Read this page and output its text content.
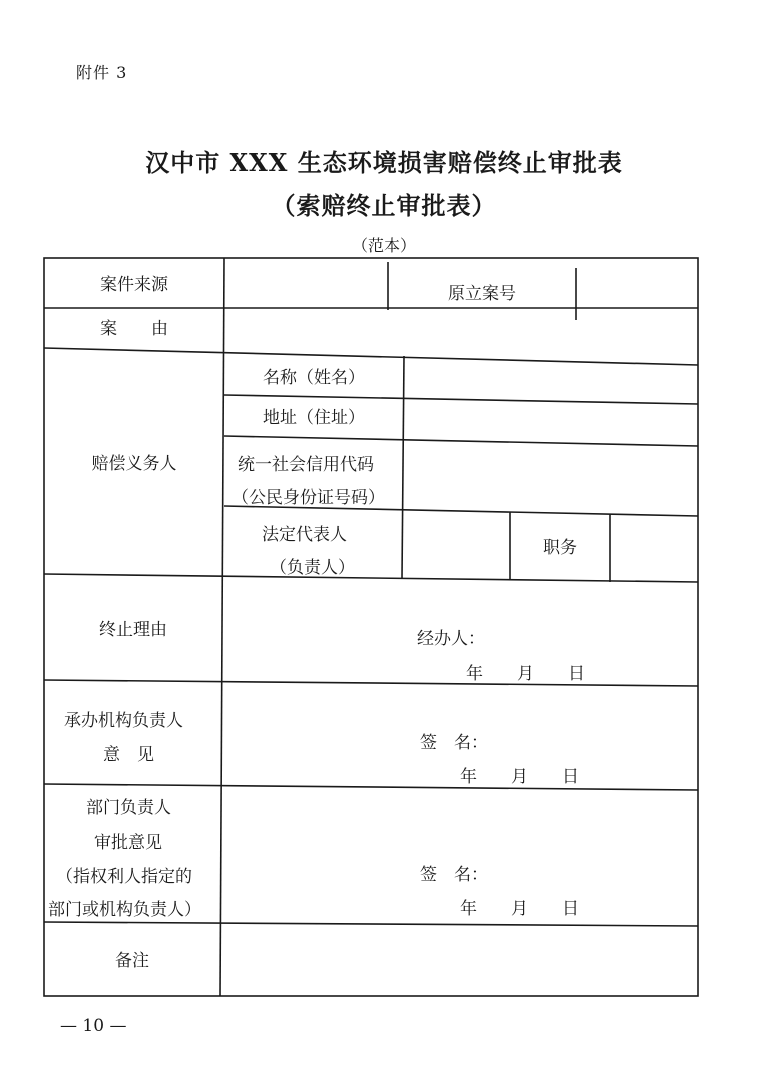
附件 3
汉中市 XXX 生态环境损害赔偿终止审批表
（索赔终止审批表）
（范本）
案件来源	原立案号
案　　由
赔偿义务人
名称（姓名）
地址（住址）
统一社会信用代码
（公民身份证号码）
法定代表人
（负责人）
职务
终止理由	经办人：
年　　月　　日
承办机构负责人
意　见
签　名：
年　　月　　日
部门负责人
审批意见
（指权利人指定的
部门或机构负责人）
签　名：
年　　月　　日
备注
— 10 —
